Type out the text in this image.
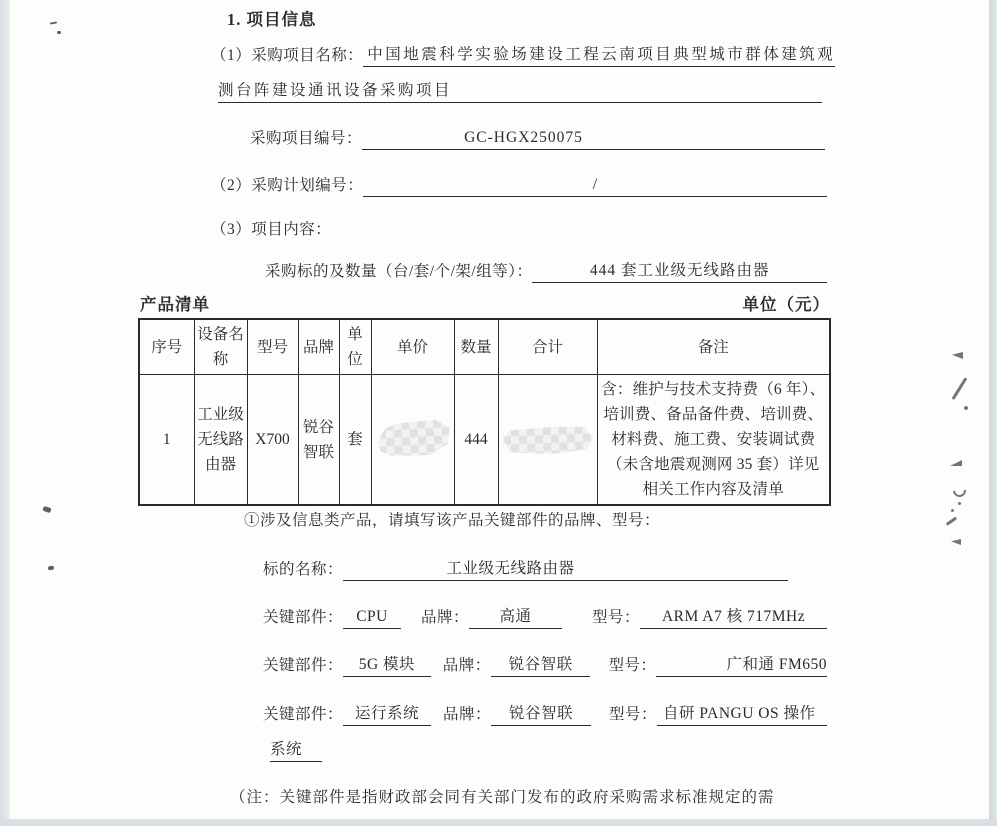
1. 项目信息
（1）采购项目名称： 中国地震科学实验场建设工程云南项目典型城市群体建筑观
测台阵建设通讯设备采购项目
采购项目编号：	GC-HGX250075
（2）采购计划编号：	/
（3）项目内容：
采购标的及数量（台/套/个/架/组等）：	444 套工业级无线路由器
产品清单	单位（元）
序号	设备名称	型号	品牌	单位	单价	数量	合计	备注
1	工业级无线路由器	X700	锐谷智联	套		444		含：维护与技术支持费（6 年）、培训费、备品备件费、培训费、材料费、施工费、安装调试费（未含地震观测网 35 套）详见相关工作内容及清单
①涉及信息类产品，请填写该产品关键部件的品牌、型号：
标的名称：	工业级无线路由器
关键部件： CPU	品牌：	高通	型号：	ARM A7 核 717MHz
关键部件：	5G 模块	品牌：	锐谷智联	型号：	广和通 FM650
关键部件： 运行系统	品牌：	锐谷智联	型号： 自研 PANGU OS 操作
系统
（注：关键部件是指财政部会同有关部门发布的政府采购需求标准规定的需
